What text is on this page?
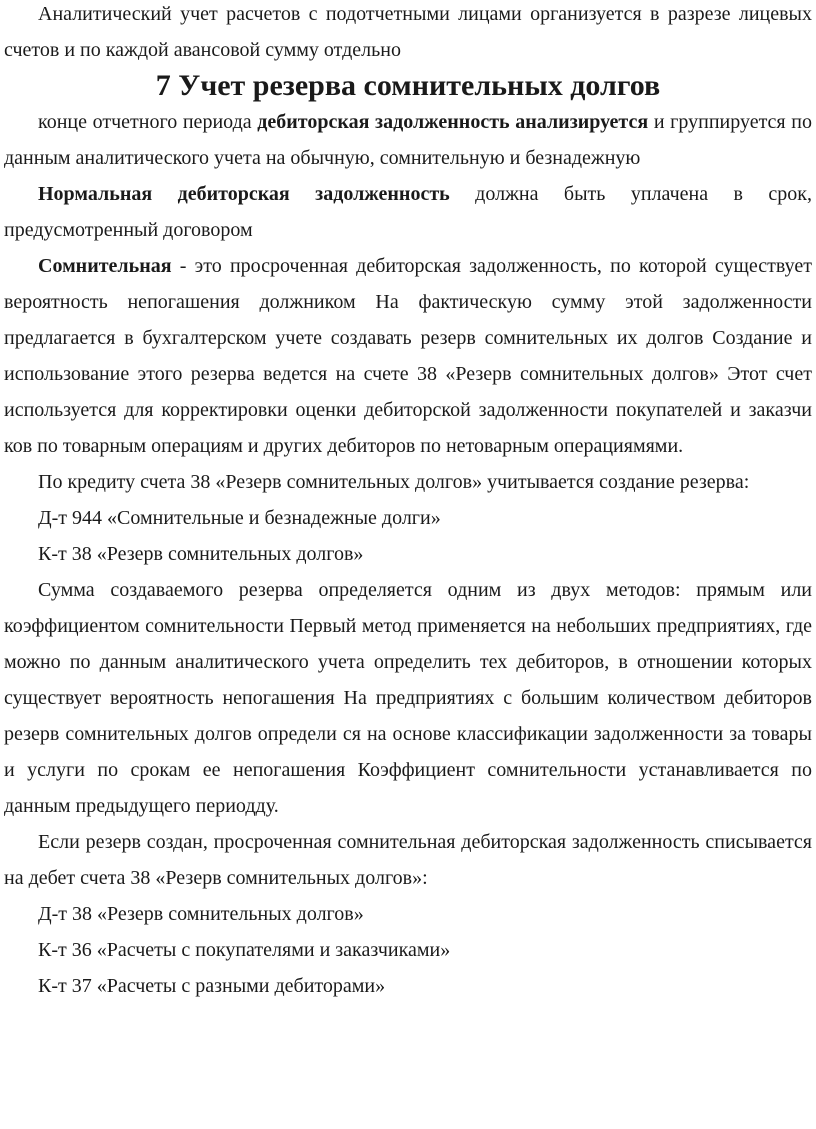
Аналитический учет расчетов с подотчетными лицами организуется в разрезе лицевых счетов и по каждой авансовой сумму отдельно

7 Учет резерва сомнительных долгов

конце отчетного периода дебиторская задолженность анализируется и группируется по данным аналитического учета на обычную, сомнительную и безнадежную

Нормальная дебиторская задолженность должна быть уплачена в срок, предусмотренный договором

Сомнительная - это просроченная дебиторская задолженность, по которой существует вероятность непогашения должником На фактическую сумму этой задолженности предлагается в бухгалтерском учете создавать резерв сомнительных их долгов Создание и использование этого резерва ведется на счете 38 «Резерв сомнительных долгов» Этот счет используется для корректировки оценки дебиторской задолженности покупателей и заказчи ков по товарным операциям и других дебиторов по нетоварным операциямями.

По кредиту счета 38 «Резерв сомнительных долгов» учитывается создание резерва:

Д-т 944 «Сомнительные и безнадежные долги»

К-т 38 «Резерв сомнительных долгов»

Сумма создаваемого резерва определяется одним из двух методов: прямым или коэффициентом сомнительности Первый метод применяется на небольших предприятиях, где можно по данным аналитического учета определить тех дебиторов, в отношении которых существует вероятность непогашения На предприятиях с большим количеством дебиторов резерв сомнительных долгов определи ся на основе классификации задолженности за товары и услуги по срокам ее непогашения Коэффициент сомнительности устанавливается по данным предыдущего периодду.

Если резерв создан, просроченная сомнительная дебиторская задолженность списывается на дебет счета 38 «Резерв сомнительных долгов»:

Д-т 38 «Резерв сомнительных долгов»

К-т 36 «Расчеты с покупателями и заказчиками»

К-т 37 «Расчеты с разными дебиторами»
